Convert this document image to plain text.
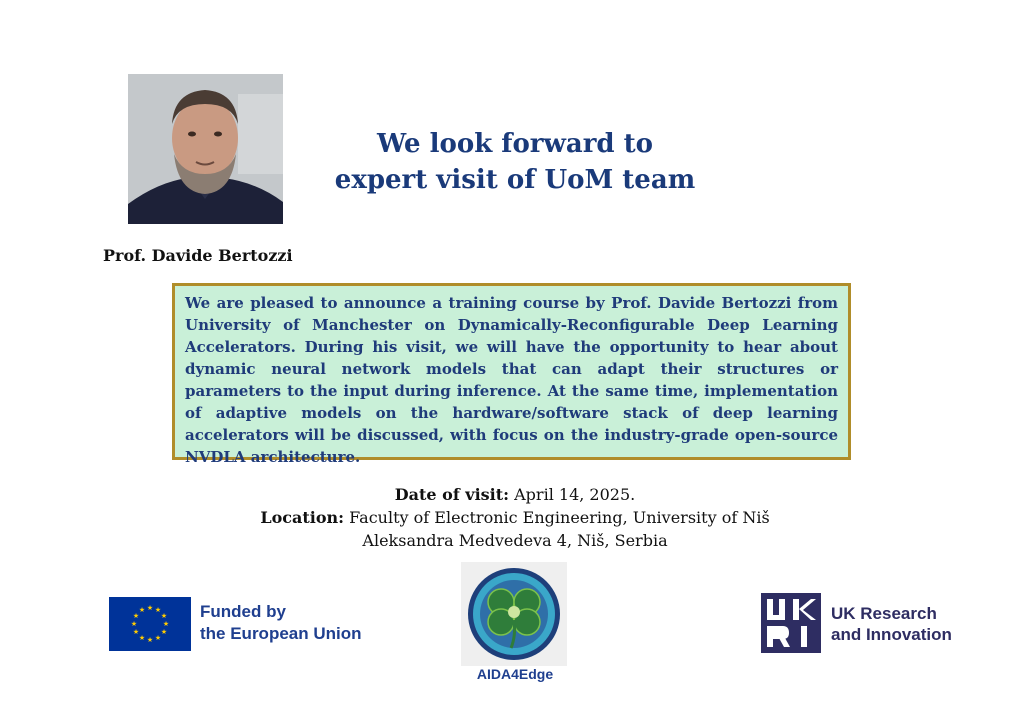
We look forward to
expert visit of UoM team
Prof. Davide Bertozzi

We are pleased to announce a training course by Prof. Davide Bertozzi from University of Manchester on Dynamically-Reconfigurable Deep Learning Accelerators. During his visit, we will have the opportunity to hear about dynamic neural network models that can adapt their structures or parameters to the input during inference. At the same time, implementation of adaptive models on the hardware/software stack of deep learning accelerators will be discussed, with focus on the industry-grade open-source NVDLA architecture.

Date of visit: April 14, 2025.
Location: Faculty of Electronic Engineering, University of Niš
Aleksandra Medvedeva 4, Niš, Serbia
★ ★
★
★
★
★
★
★
★
★
★
★	Funded by
the European Union
AIDA4Edge
UK Research
and Innovation
